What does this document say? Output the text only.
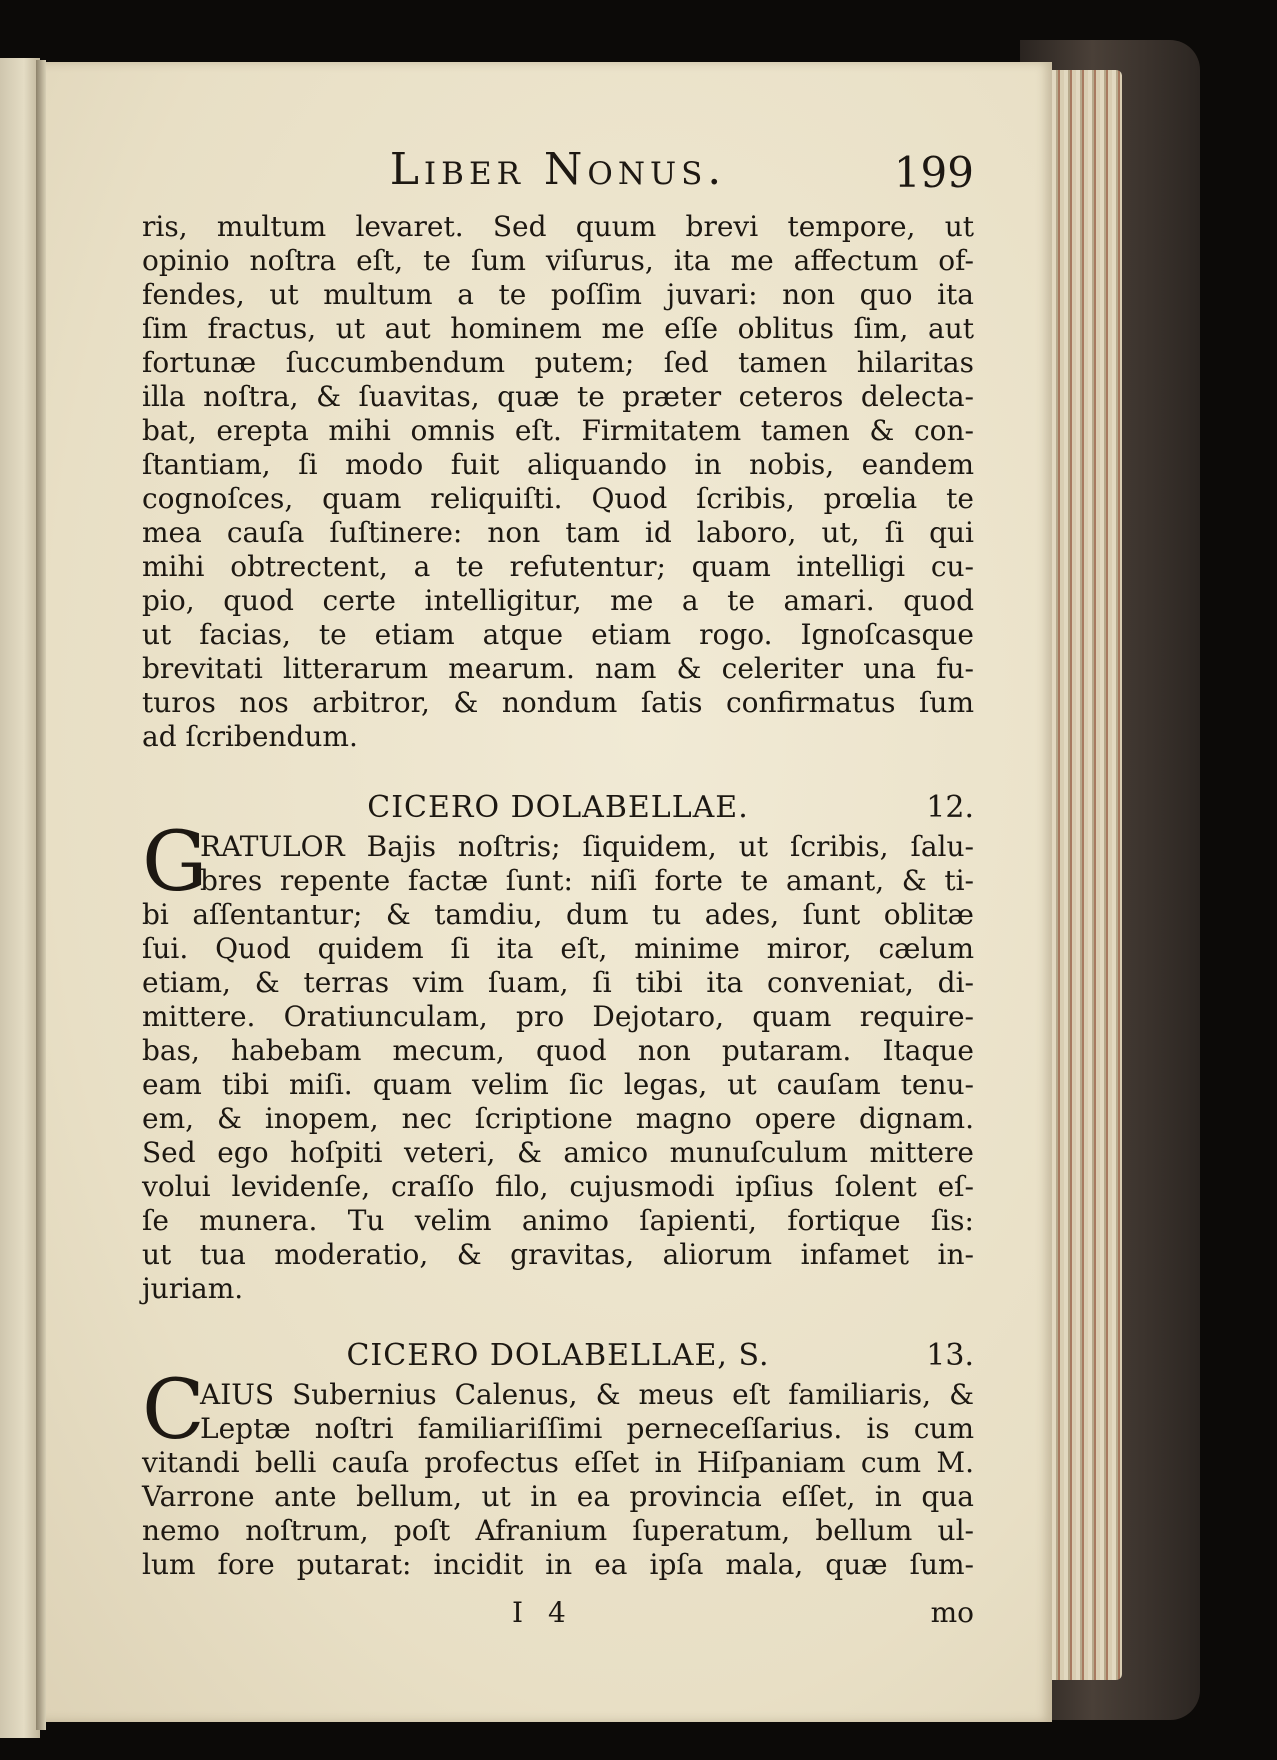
Liber Nonus.	199
ris, multum levaret. Sed quum brevi tempore, ut
opinio noſtra eſt, te ſum viſurus, ita me affectum of-
fendes, ut multum a te poſſim juvari: non quo ita
ſim fractus, ut aut hominem me eſſe oblitus ſim, aut
fortunæ ſuccumbendum putem; ſed tamen hilaritas
illa noſtra, & ſuavitas, quæ te præter ceteros delecta-
bat, erepta mihi omnis eſt. Firmitatem tamen & con-
ſtantiam, ſi modo fuit aliquando in nobis, eandem
cognoſces, quam reliquiſti. Quod ſcribis, prœlia te
mea cauſa ſuſtinere: non tam id laboro, ut, ſi qui
mihi obtrectent, a te refutentur; quam intelligi cu-
pio, quod certe intelligitur, me a te amari. quod
ut facias, te etiam atque etiam rogo. Ignoſcasque
brevitati litterarum mearum. nam & celeriter una fu-
turos nos arbitror, & nondum ſatis confirmatus ſum
ad ſcribendum.
CICERO DOLABELLAE.	12.
G
RATULOR Bajis noſtris; ſiquidem, ut ſcribis, ſalu-
bres repente factæ ſunt: niſi forte te amant, & ti-
bi aſſentantur; & tamdiu, dum tu ades, ſunt oblitæ
ſui. Quod quidem ſi ita eſt, minime miror, cælum
etiam, & terras vim ſuam, ſi tibi ita conveniat, di-
mittere. Oratiunculam, pro Dejotaro, quam require-
bas, habebam mecum, quod non putaram. Itaque
eam tibi miſi. quam velim ſic legas, ut cauſam tenu-
em, & inopem, nec ſcriptione magno opere dignam.
Sed ego hoſpiti veteri, & amico munuſculum mittere
volui levidenſe, craſſo filo, cujusmodi ipſius ſolent eſ-
ſe munera. Tu velim animo ſapienti, fortique ſis:
ut tua moderatio, & gravitas, aliorum infamet in-
juriam.
CICERO DOLABELLAE, S.	13.
C
AIUS Subernius Calenus, & meus eſt familiaris, &
Leptæ noſtri familiariſſimi perneceſſarius. is cum
vitandi belli cauſa profectus eſſet in Hiſpaniam cum M.
Varrone ante bellum, ut in ea provincia eſſet, in qua
nemo noſtrum, poſt Afranium ſuperatum, bellum ul-
lum fore putarat: incidit in ea ipſa mala, quæ ſum-
I 4	mo
